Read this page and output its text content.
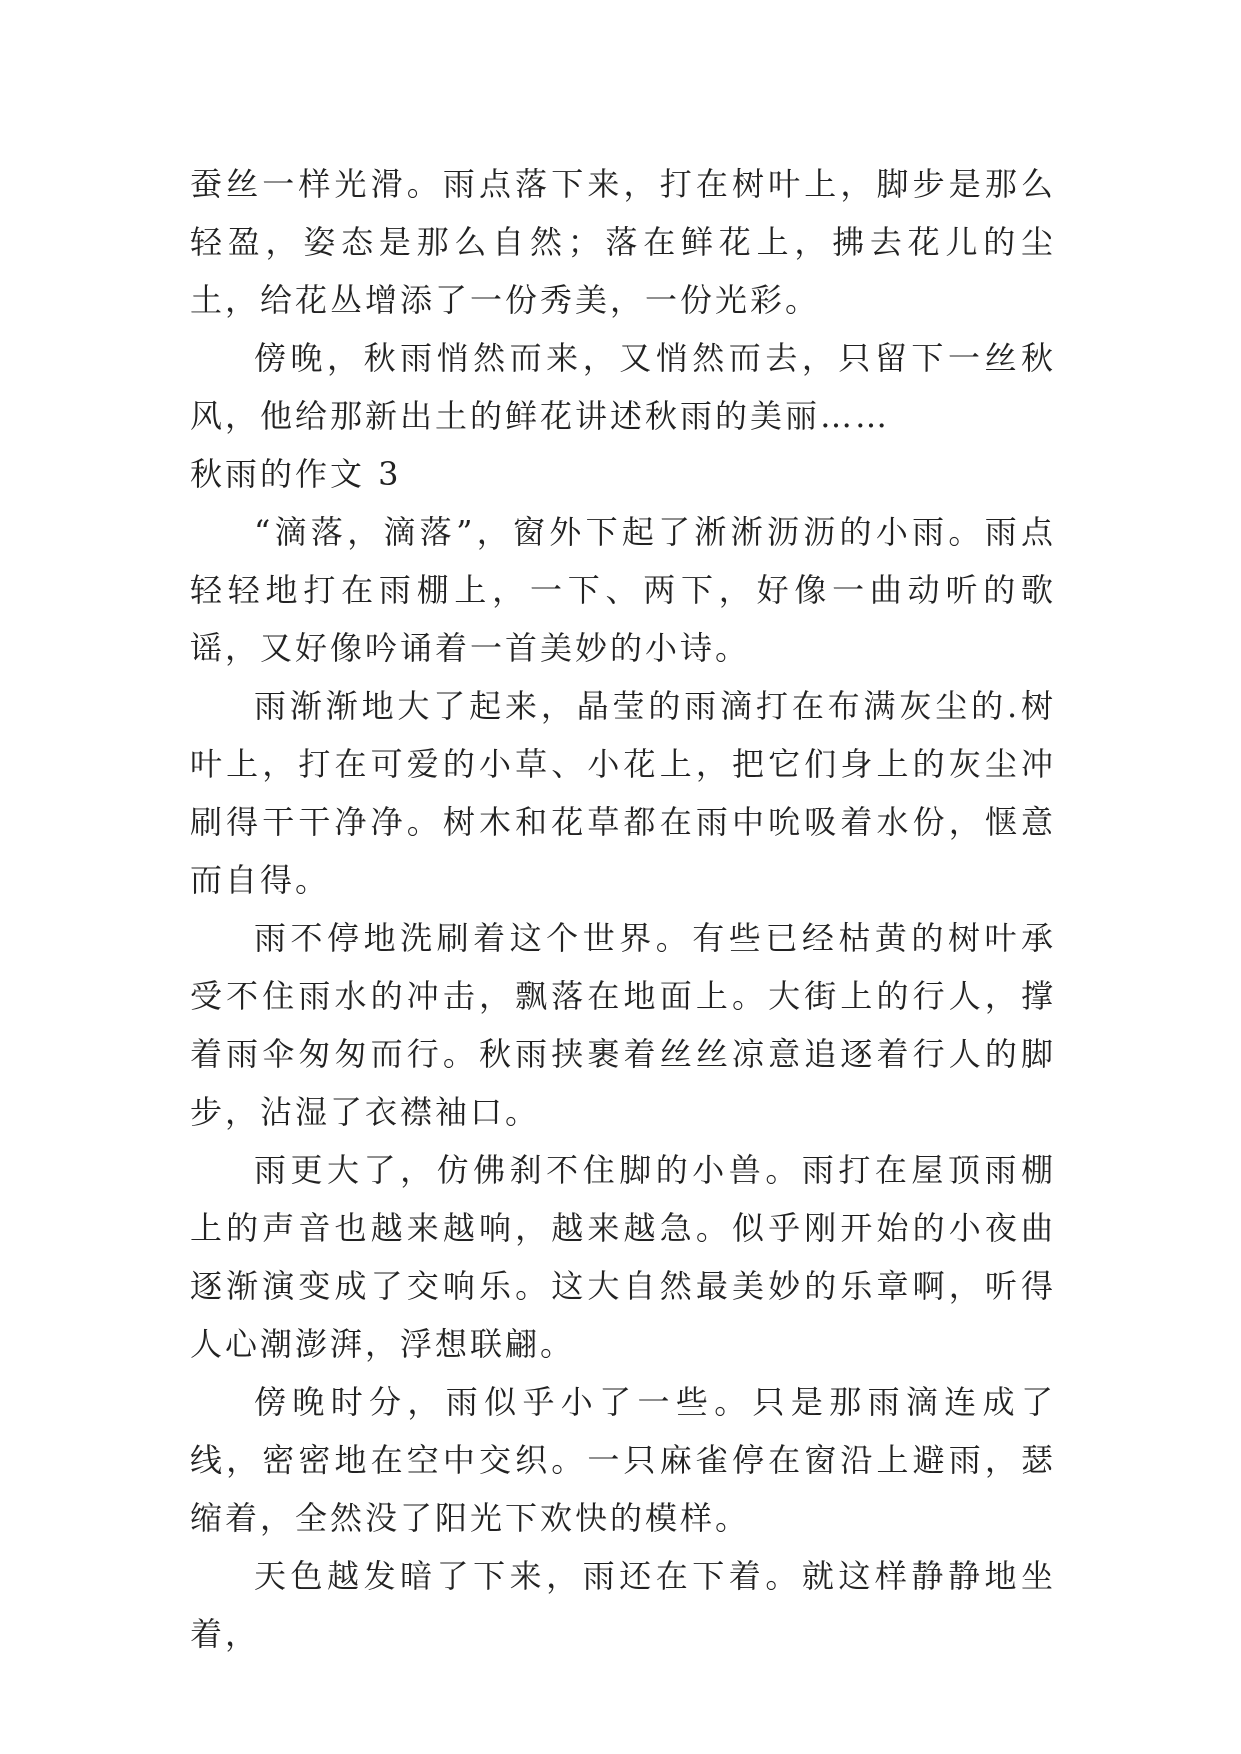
蚕丝一样光滑。雨点落下来，打在树叶上，脚步是那么轻盈，姿态是那么自然；落在鲜花上，拂去花儿的尘土，给花丛增添了一份秀美，一份光彩。

傍晚，秋雨悄然而来，又悄然而去，只留下一丝秋风，他给那新出土的鲜花讲述秋雨的美丽……

秋雨的作文 3

“滴落，滴落”，窗外下起了淅淅沥沥的小雨。雨点轻轻地打在雨棚上，一下、两下，好像一曲动听的歌谣，又好像吟诵着一首美妙的小诗。

雨渐渐地大了起来，晶莹的雨滴打在布满灰尘的.树叶上，打在可爱的小草、小花上，把它们身上的灰尘冲刷得干干净净。树木和花草都在雨中吮吸着水份，惬意而自得。

雨不停地洗刷着这个世界。有些已经枯黄的树叶承受不住雨水的冲击，飘落在地面上。大街上的行人，撑着雨伞匆匆而行。秋雨挟裹着丝丝凉意追逐着行人的脚步，沾湿了衣襟袖口。

雨更大了，仿佛刹不住脚的小兽。雨打在屋顶雨棚上的声音也越来越响，越来越急。似乎刚开始的小夜曲逐渐演变成了交响乐。这大自然最美妙的乐章啊，听得人心潮澎湃，浮想联翩。

傍晚时分，雨似乎小了一些。只是那雨滴连成了线，密密地在空中交织。一只麻雀停在窗沿上避雨，瑟缩着，全然没了阳光下欢快的模样。

天色越发暗了下来，雨还在下着。就这样静静地坐着，
